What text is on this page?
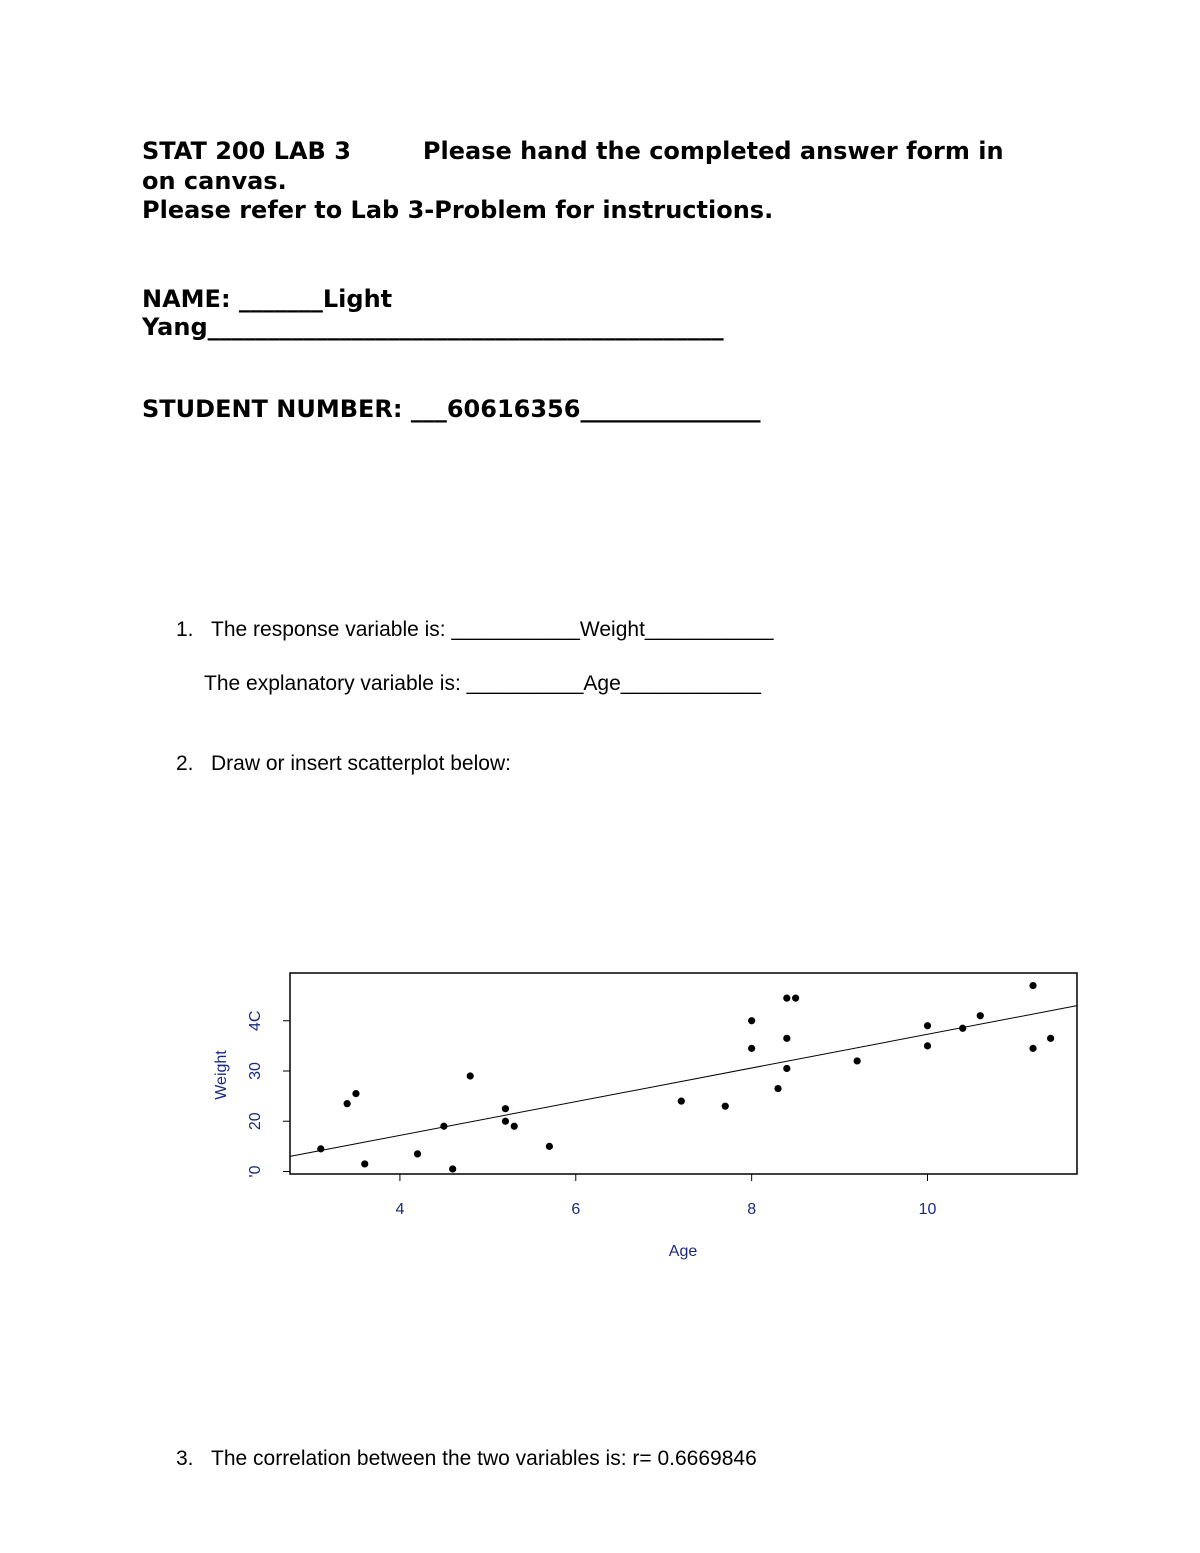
STAT 200 LAB 3	Please hand the completed answer form in
on canvas.
Please refer to Lab 3-Problem for instructions.
NAME: _______Light
Yang___________________________________________
STUDENT NUMBER: ___60616356_______________
1. The response variable is: ___________Weight___________
The explanatory variable is: __________Age____________
2. Draw or insert scatterplot below:
4	6	8	10
'0
20
30
4C
Age
Weight
3. The correlation between the two variables is: r= 0.6669846
